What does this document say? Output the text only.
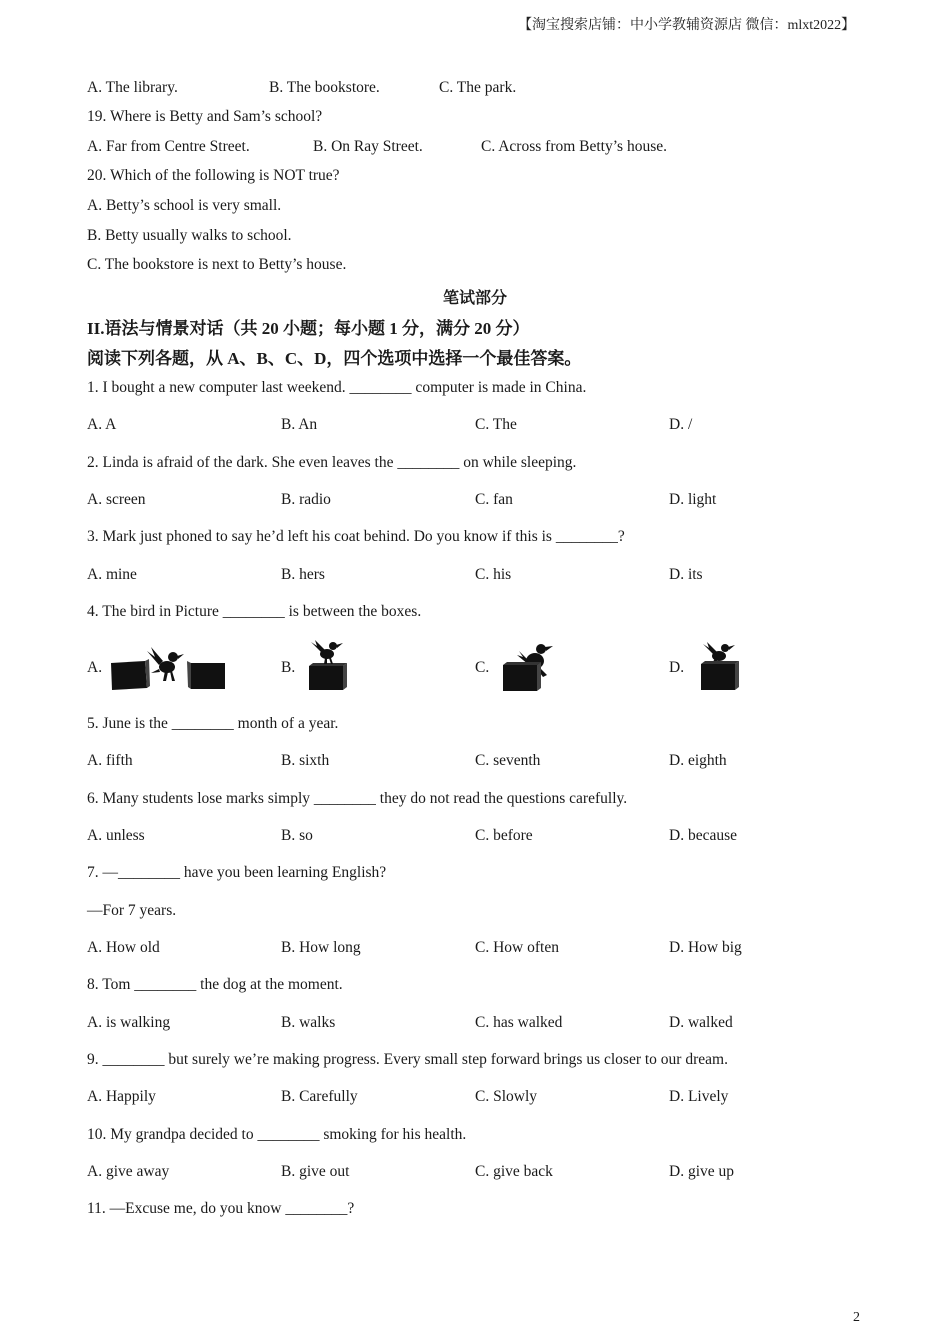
【淘宝搜索店铺：中小学教辅资源店 微信：mlxt2022】
A. The library.	B. The bookstore.	C. The park.
19. Where is Betty and Sam’s school?
A. Far from Centre Street.	B. On Ray Street.	C. Across from Betty’s house.
20. Which of the following is NOT true?
A. Betty’s school is very small.
B. Betty usually walks to school.
C. The bookstore is next to Betty’s house.
笔试部分
II.语法与情景对话（共 20 小题；每小题 1 分，满分 20 分）
阅读下列各题，从 A、B、C、D，四个选项中选择一个最佳答案。
1. I bought a new computer last weekend. ________ computer is made in China.
A. A	B. An	C. The	D. /
2. Linda is afraid of the dark. She even leaves the ________ on while sleeping.
A. screen	B. radio	C. fan	D. light
3. Mark just phoned to say he’d left his coat behind. Do you know if this is ________?
A. mine	B. hers	C. his	D. its
4. The bird in Picture ________ is between the boxes.
A.	B.	C.	D.
5. June is the ________ month of a year.
A. fifth	B. sixth	C. seventh	D. eighth
6. Many students lose marks simply ________ they do not read the questions carefully.
A. unless	B. so	C. before	D. because
7. —________ have you been learning English?
—For 7 years.
A. How old	B. How long	C. How often	D. How big
8. Tom ________ the dog at the moment.
A. is walking	B. walks	C. has walked	D. walked
9. ________ but surely we’re making progress. Every small step forward brings us closer to our dream.
A. Happily	B. Carefully	C. Slowly	D. Lively
10. My grandpa decided to ________ smoking for his health.
A. give away	B. give out	C. give back	D. give up
11. —Excuse me, do you know ________?
2
